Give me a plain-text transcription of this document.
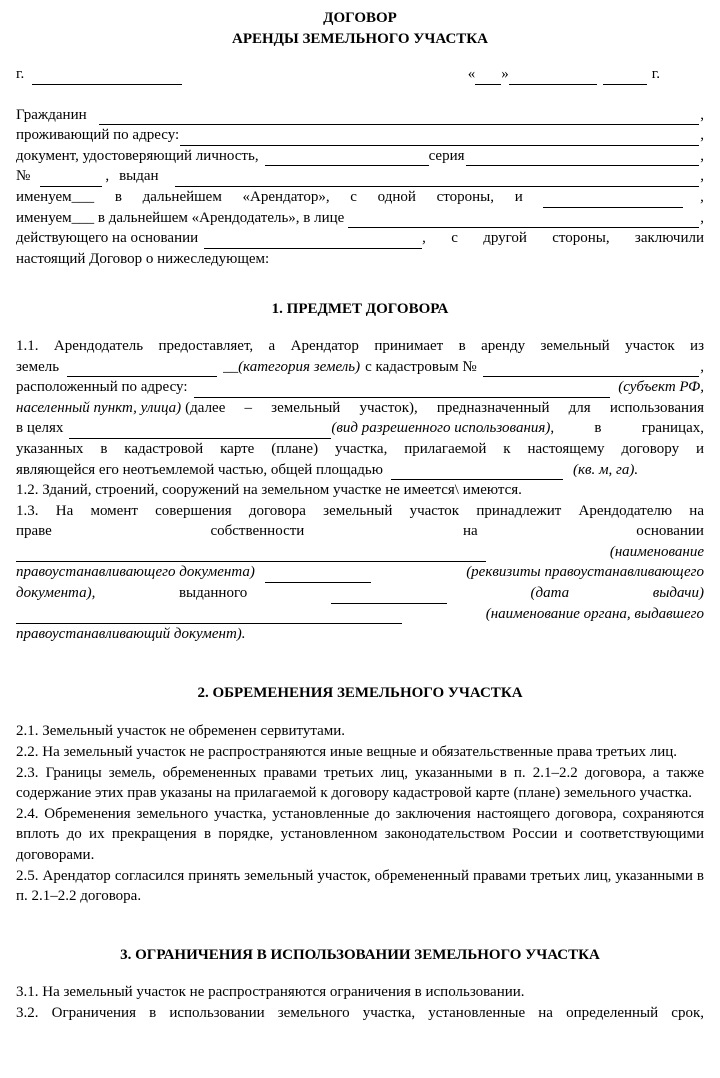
ДОГОВОР

АРЕНДЫ ЗЕМЕЛЬНОГО УЧАСТКА

г.	« »	г.
Гражданин	,
проживающий по адресу:	,
документ, удостоверяющий личность,	серия	,
№	, выдан	,
именуем___ в дальнейшем «Арендатор», с одной стороны, и	,
именуем___ в дальнейшем «Арендодатель», в лице	,
действующего на основании	, с другой стороны, заключили

настоящий Договор о нижеследующем:

1. ПРЕДМЕТ ДОГОВОРА

1.1. Арендодатель предоставляет, а Арендатор принимает в аренду земельный участок из

земель	__ (категория земель) с кадастровым №	,
расположенный по адресу:	(субъект РФ,
населенный пункт, улица) (далее – земельный участок), предназначенный для использования
в целях	(вид разрешенного использования) , в границах,

указанных в кадастровой карте (плане) участка, прилагаемой к настоящему договору и

являющейся его неотъемлемой частью, общей площадью	(кв. м, га).

1.2. Зданий, строений, сооружений на земельном участке не имеется\ имеются.

1.3. На момент совершения договора земельный участок принадлежит Арендодателю на

праве	собственности	на	основании
(наименование
правоустанавливающего документа)	(реквизиты правоустанавливающего
документа),	выданного	(дата	выдачи)
(наименование органа, выдавшего

правоустанавливающий документ).

2. ОБРЕМЕНЕНИЯ ЗЕМЕЛЬНОГО УЧАСТКА

2.1. Земельный участок не обременен сервитутами.

2.2. На земельный участок не распространяются иные вещные и обязательственные права третьих лиц.

2.3. Границы земель, обремененных правами третьих лиц, указанными в п. 2.1–2.2 договора, а также содержание этих прав указаны на прилагаемой к договору кадастровой карте (плане) земельного участка.

2.4. Обременения земельного участка, установленные до заключения настоящего договора, сохраняются вплоть до их прекращения в порядке, установленном законодательством России и соответствующими договорами.

2.5. Арендатор согласился принять земельный участок, обремененный правами третьих лиц, указанными в п. 2.1–2.2 договора.

3. ОГРАНИЧЕНИЯ В ИСПОЛЬЗОВАНИИ ЗЕМЕЛЬНОГО УЧАСТКА

3.1. На земельный участок не распространяются ограничения в использовании.

3.2. Ограничения в использовании земельного участка, установленные на определенный срок,
